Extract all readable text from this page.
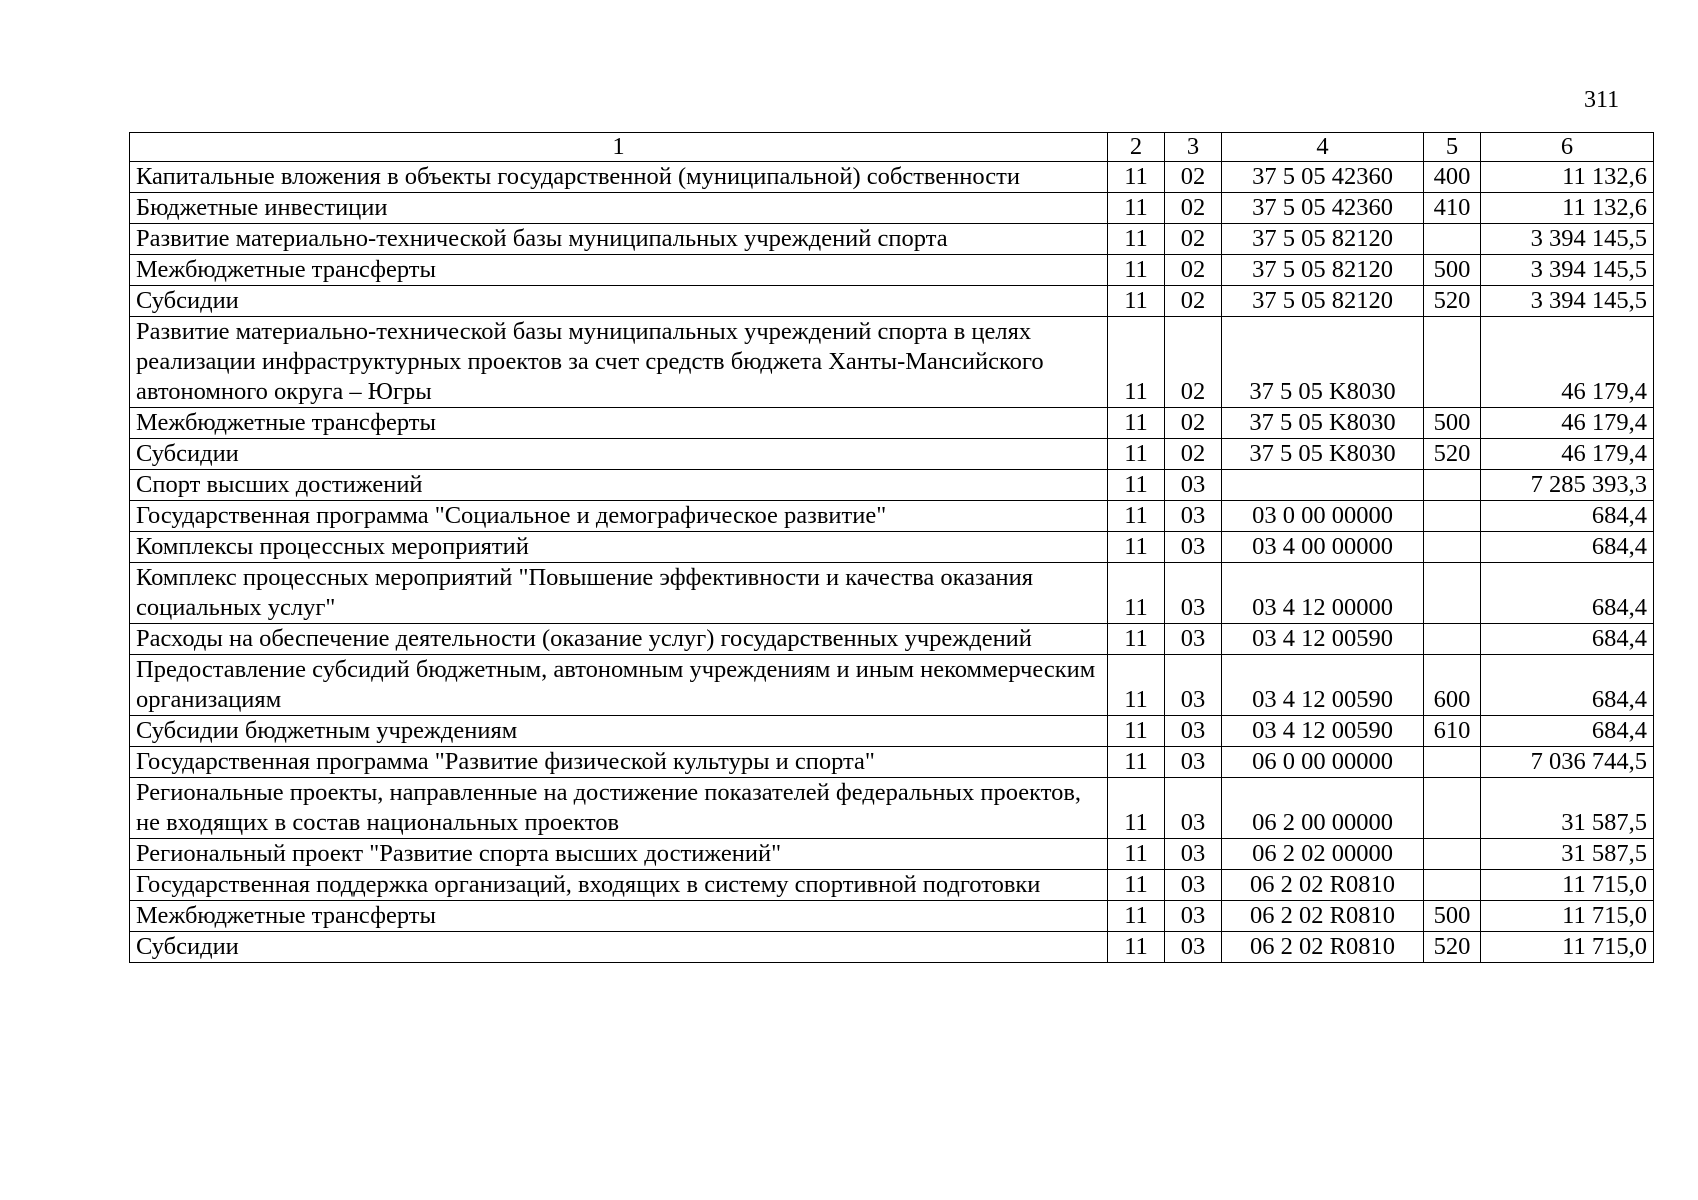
311
1	2	3	4	5	6
Капитальные вложения в объекты государственной (муниципальной) собственности	11	02	37 5 05 42360	400	11 132,6
Бюджетные инвестиции	11	02	37 5 05 42360	410	11 132,6
Развитие материально-технической базы муниципальных учреждений спорта	11	02	37 5 05 82120		3 394 145,5
Межбюджетные трансферты	11	02	37 5 05 82120	500	3 394 145,5
Субсидии	11	02	37 5 05 82120	520	3 394 145,5
Развитие материально-технической базы муниципальных учреждений спорта в целях реализации инфраструктурных проектов за счет средств бюджета Ханты-Мансийского автономного округа – Югры	11	02	37 5 05 K8030		46 179,4
Межбюджетные трансферты	11	02	37 5 05 K8030	500	46 179,4
Субсидии	11	02	37 5 05 K8030	520	46 179,4
Спорт высших достижений	11	03			7 285 393,3
Государственная программа "Социальное и демографическое развитие"	11	03	03 0 00 00000		684,4
Комплексы процессных мероприятий	11	03	03 4 00 00000		684,4
Комплекс процессных мероприятий "Повышение эффективности и качества оказания социальных услуг"	11	03	03 4 12 00000		684,4
Расходы на обеспечение деятельности (оказание услуг) государственных учреждений	11	03	03 4 12 00590		684,4
Предоставление субсидий бюджетным, автономным учреждениям и иным некоммерческим организациям	11	03	03 4 12 00590	600	684,4
Субсидии бюджетным учреждениям	11	03	03 4 12 00590	610	684,4
Государственная программа "Развитие физической культуры и спорта"	11	03	06 0 00 00000		7 036 744,5
Региональные проекты, направленные на достижение показателей федеральных проектов, не входящих в состав национальных проектов	11	03	06 2 00 00000		31 587,5
Региональный проект "Развитие спорта высших достижений"	11	03	06 2 02 00000		31 587,5
Государственная поддержка организаций, входящих в систему спортивной подготовки	11	03	06 2 02 R0810		11 715,0
Межбюджетные трансферты	11	03	06 2 02 R0810	500	11 715,0
Субсидии	11	03	06 2 02 R0810	520	11 715,0
